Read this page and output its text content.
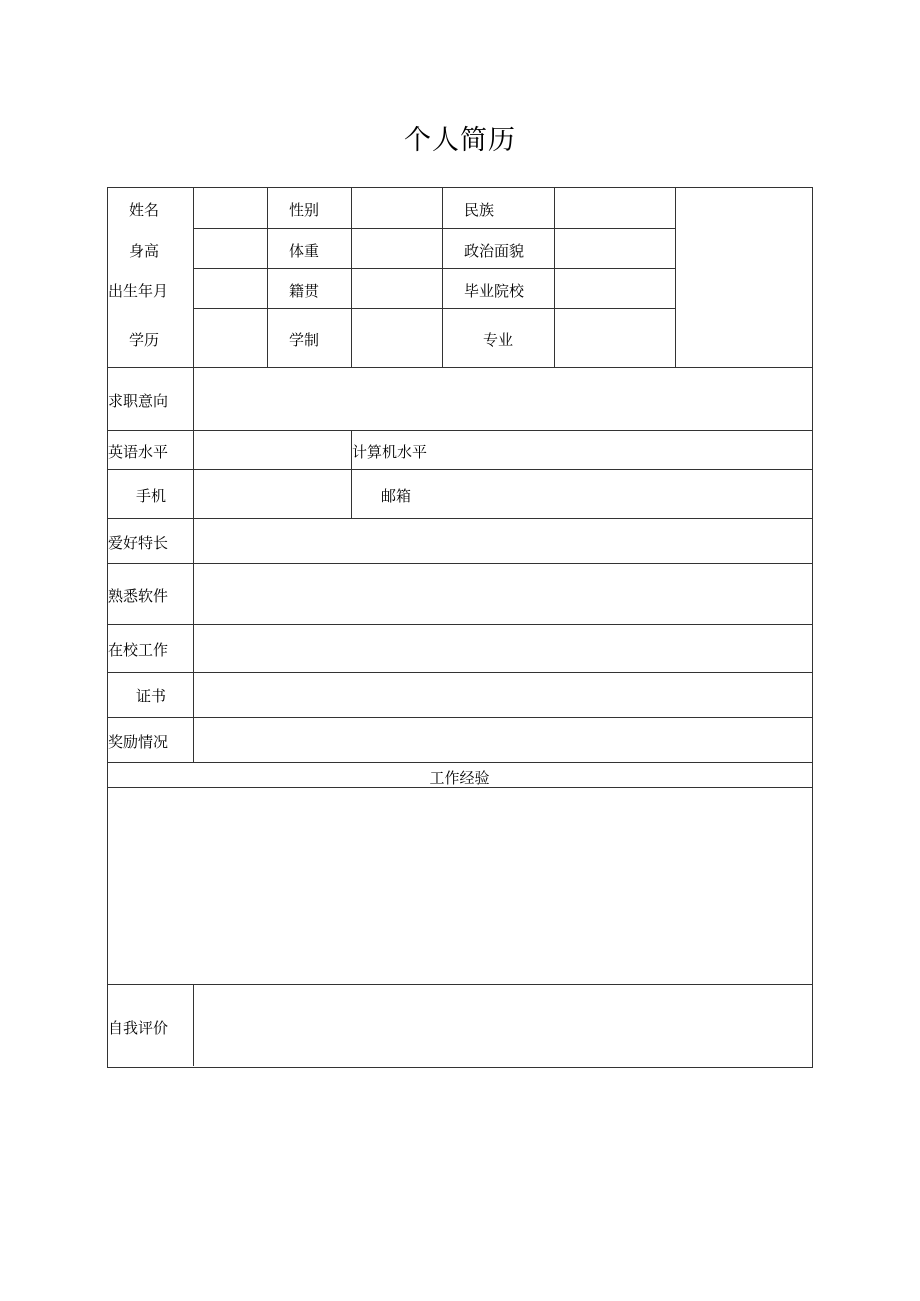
个人简历
姓名	性别	民族
身高	体重	政治面貌
出生年月	籍贯	毕业院校
学历	学制	专业
求职意向
英语水平	计算机水平
手机	邮箱
爱好特长
熟悉软件
在校工作
证书
奖励情况
工作经验
自我评价
